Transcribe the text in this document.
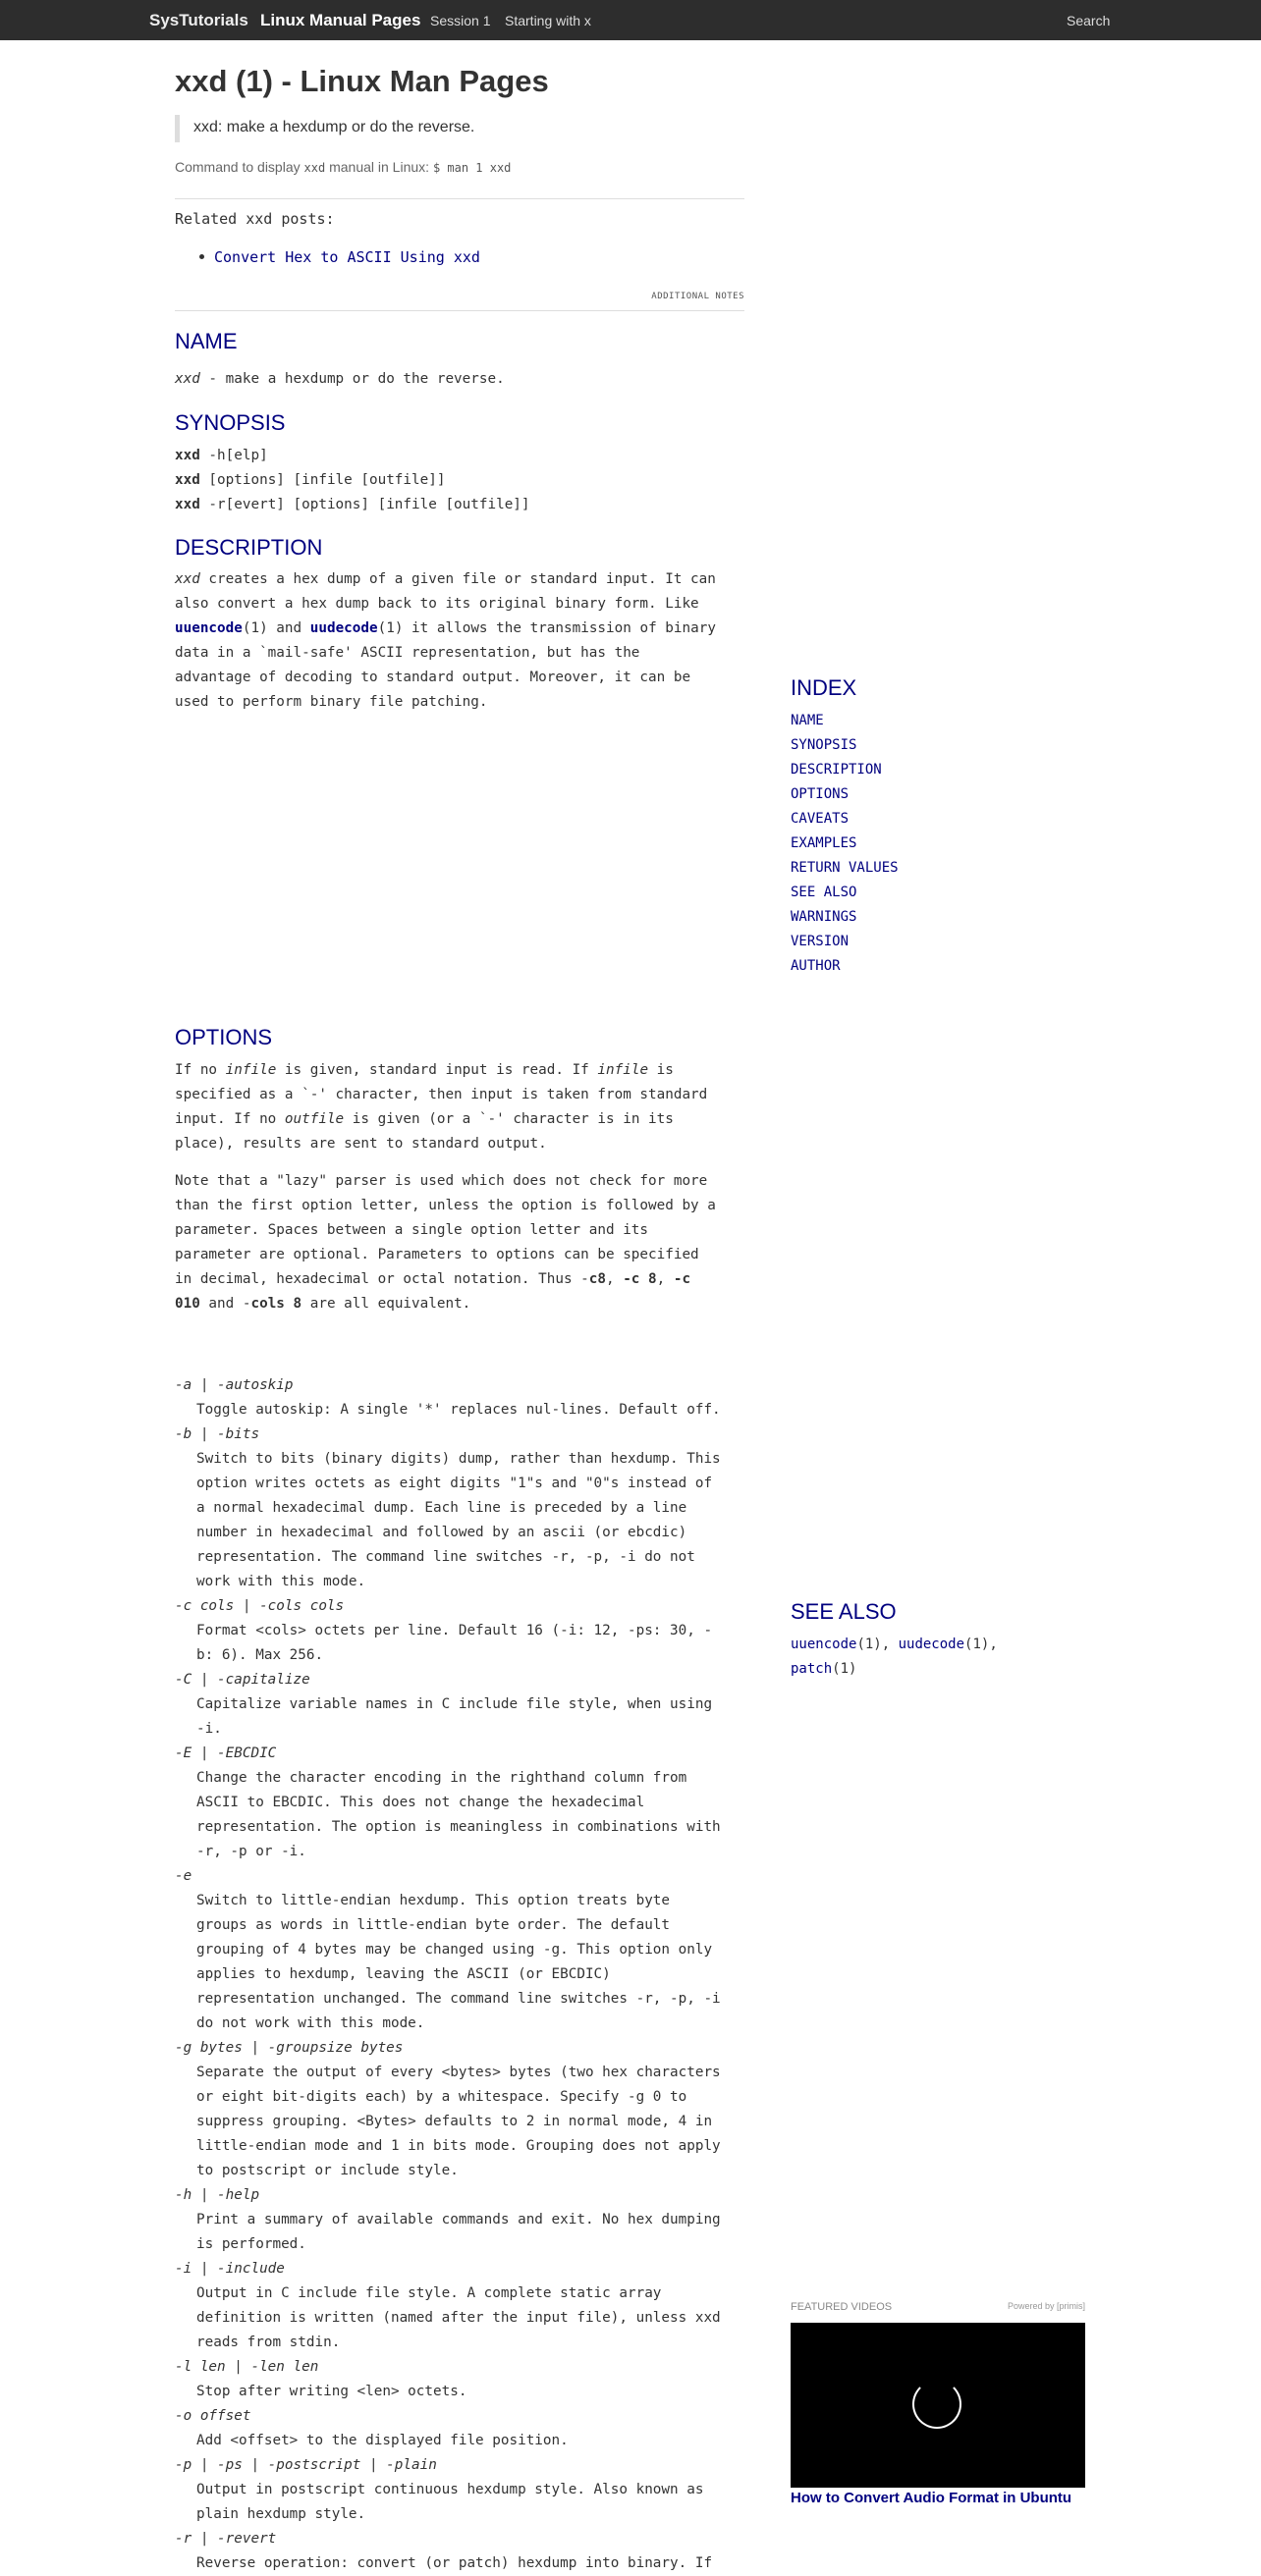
SysTutorials Linux Manual Pages Session 1 Starting with x	Search
xxd (1) - Linux Man Pages
xxd: make a hexdump or do the reverse.
Command to display xxd manual in Linux: $ man 1 xxd
Related xxd posts:
Convert Hex to ASCII Using xxd
ADDITIONAL NOTES
NAME
xxd - make a hexdump or do the reverse.
SYNOPSIS
xxd -h[elp]
xxd [options] [infile [outfile]]
xxd -r[evert] [options] [infile [outfile]]
DESCRIPTION
xxd creates a hex dump of a given file or standard input. It can
also convert a hex dump back to its original binary form. Like
uuencode(1) and uudecode(1) it allows the transmission of binary
data in a `mail-safe' ASCII representation, but has the
advantage of decoding to standard output. Moreover, it can be
used to perform binary file patching.
OPTIONS
If no infile is given, standard input is read. If infile is
specified as a `-' character, then input is taken from standard
input. If no outfile is given (or a `-' character is in its
place), results are sent to standard output.
Note that a "lazy" parser is used which does not check for more
than the first option letter, unless the option is followed by a
parameter. Spaces between a single option letter and its
parameter are optional. Parameters to options can be specified
in decimal, hexadecimal or octal notation. Thus -c8, -c 8, -c
010 and -cols 8 are all equivalent.
-a | -autoskip
Toggle autoskip: A single '*' replaces nul-lines. Default off.
-b | -bits
Switch to bits (binary digits) dump, rather than hexdump. This
option writes octets as eight digits "1"s and "0"s instead of
a normal hexadecimal dump. Each line is preceded by a line
number in hexadecimal and followed by an ascii (or ebcdic)
representation. The command line switches -r, -p, -i do not
work with this mode.
-c cols | -cols cols
Format <cols> octets per line. Default 16 (-i: 12, -ps: 30, -
b: 6). Max 256.
-C | -capitalize
Capitalize variable names in C include file style, when using
-i.
-E | -EBCDIC
Change the character encoding in the righthand column from
ASCII to EBCDIC. This does not change the hexadecimal
representation. The option is meaningless in combinations with
-r, -p or -i.
-e
Switch to little-endian hexdump. This option treats byte
groups as words in little-endian byte order. The default
grouping of 4 bytes may be changed using -g. This option only
applies to hexdump, leaving the ASCII (or EBCDIC)
representation unchanged. The command line switches -r, -p, -i
do not work with this mode.
-g bytes | -groupsize bytes
Separate the output of every <bytes> bytes (two hex characters
or eight bit-digits each) by a whitespace. Specify -g 0 to
suppress grouping. <Bytes> defaults to 2 in normal mode, 4 in
little-endian mode and 1 in bits mode. Grouping does not apply
to postscript or include style.
-h | -help
Print a summary of available commands and exit. No hex dumping
is performed.
-i | -include
Output in C include file style. A complete static array
definition is written (named after the input file), unless xxd
reads from stdin.
-l len | -len len
Stop after writing <len> octets.
-o offset
Add <offset> to the displayed file position.
-p | -ps | -postscript | -plain
Output in postscript continuous hexdump style. Also known as
plain hexdump style.
-r | -revert
Reverse operation: convert (or patch) hexdump into binary. If
INDEX
NAME
SYNOPSIS
DESCRIPTION
OPTIONS
CAVEATS
EXAMPLES
RETURN VALUES
SEE ALSO
WARNINGS
VERSION
AUTHOR
SEE ALSO
uuencode(1), uudecode(1),
patch(1)
FEATURED VIDEOS	Powered by [primis]
How to Convert Audio Format in Ubuntu
